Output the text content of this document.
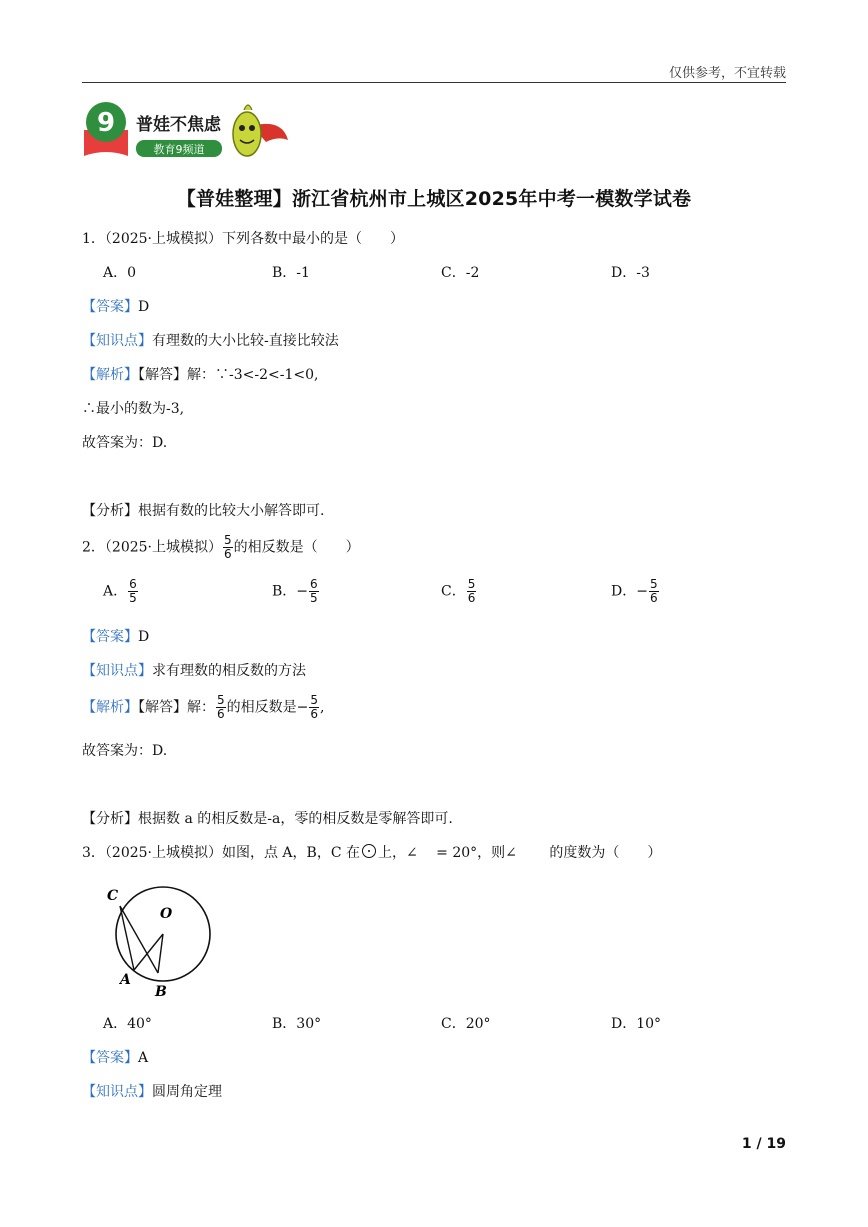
仅供参考，不宜转载
9 普娃不焦虑
教育9频道
【普娃整理】浙江省杭州市上城区2025年中考一模数学试卷
1．（2025·上城模拟）下列各数中最小的是（　　）
A．0	B．-1	C．-2	D．-3
【答案】D
【知识点】有理数的大小比较-直接比较法
【解析】【解答】解：∵-3<-2<-1<0,
∴最小的数为-3,
故答案为：D.
【分析】根据有数的比较大小解答即可.
2．（2025·上城模拟） $\frac{5}{6}$ 的相反数是（　　）
A． $\frac{6}{5}$	B．− $\frac{6}{5}$	C． $\frac{5}{6}$	D．− $\frac{5}{6}$
【答案】D
【知识点】求有理数的相反数的方法
【解析】【解答】解： $\frac{5}{6}$ 的相反数是− $\frac{5}{6}$ ,
故答案为：D.
【分析】根据数 a 的相反数是-a，零的相反数是零解答即可.
3．（2025·上城模拟）如图，点 A，B，C 在 上，∠　 = 20°，则∠　　 的度数为（　　）
C
O
A
B
A．40°	B．30°	C．20°	D．10°
【答案】A
【知识点】圆周角定理
1 / 19
